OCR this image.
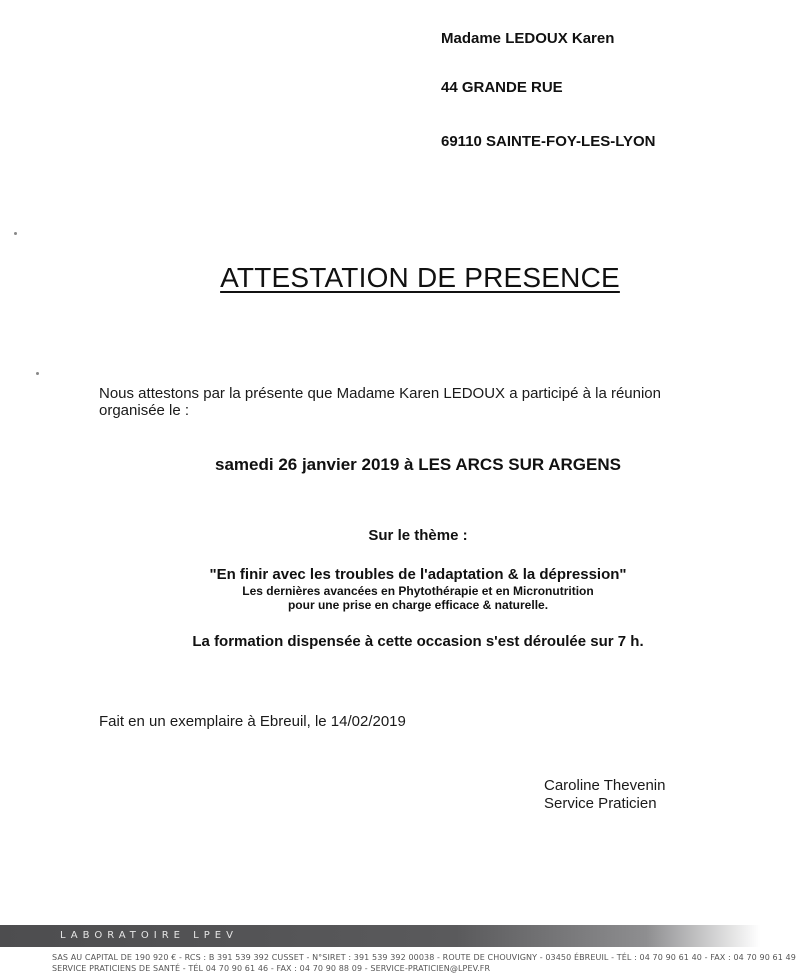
Madame LEDOUX Karen
44 GRANDE RUE
69110 SAINTE-FOY-LES-LYON
ATTESTATION DE PRESENCE
Nous attestons par la présente que Madame Karen LEDOUX a participé à la réunion
organisée le :
samedi 26 janvier 2019 à LES ARCS SUR ARGENS
Sur le thème :
"En finir avec les troubles de l'adaptation & la dépression"
Les dernières avancées en Phytothérapie et en Micronutrition
pour une prise en charge efficace & naturelle.
La formation dispensée à cette occasion s'est déroulée sur 7 h.
Fait en un exemplaire à Ebreuil, le 14/02/2019
Caroline Thevenin
Service Praticien
LABORATOIRE LPEV
SAS AU CAPITAL DE 190 920 € - RCS : B 391 539 392 CUSSET - N°SIRET : 391 539 392 00038 - ROUTE DE CHOUVIGNY - 03450 ÉBREUIL - TÉL : 04 70 90 61 40 - FAX : 04 70 90 61 49
SERVICE PRATICIENS DE SANTÉ - TÉL 04 70 90 61 46 - FAX : 04 70 90 88 09 - SERVICE-PRATICIEN@LPEV.FR
